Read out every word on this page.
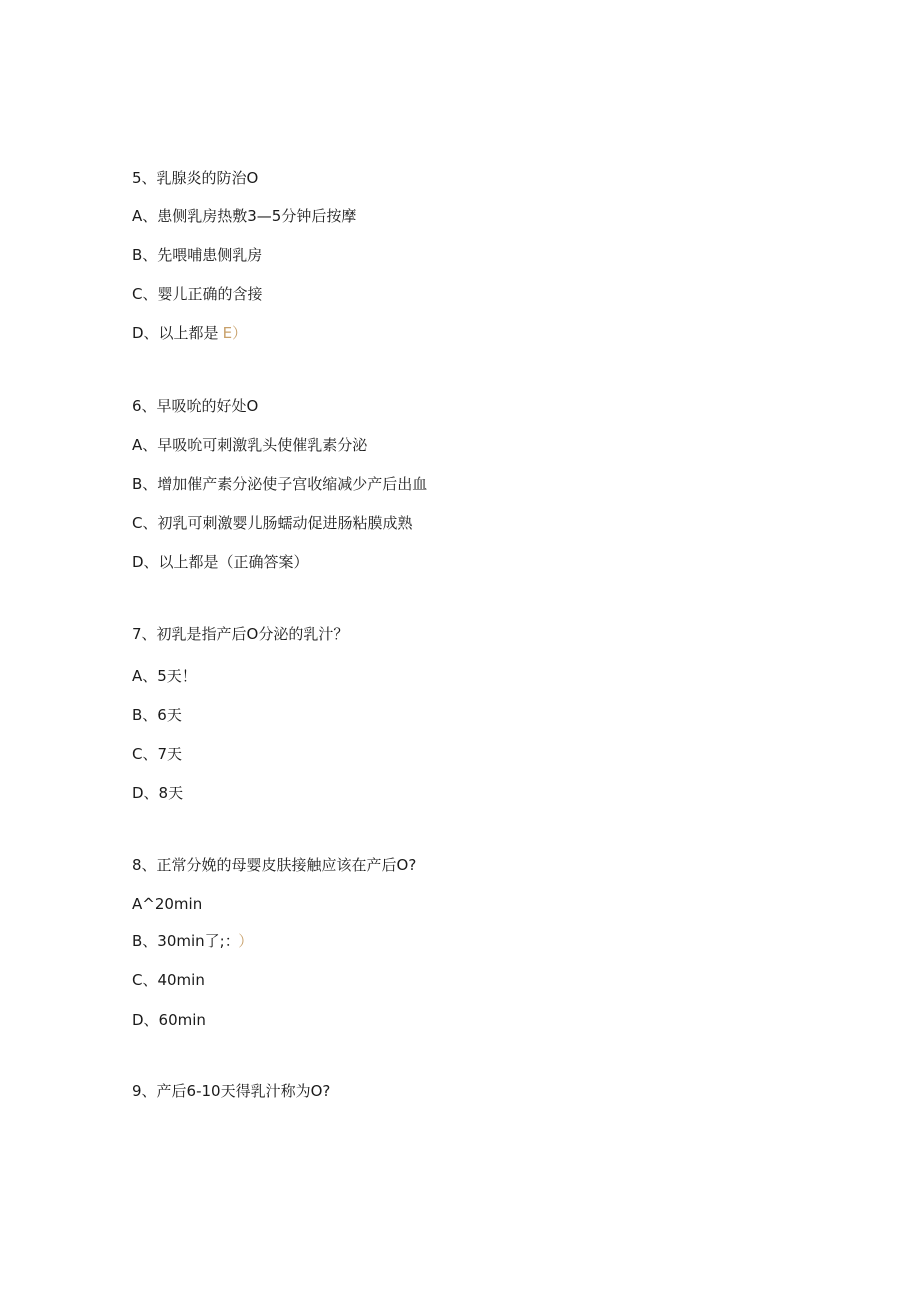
5、乳腺炎的防治O
A、患侧乳房热敷3—5分钟后按摩
B、先喂哺患侧乳房
C、婴儿正确的含接
D、以上都是 E）
6、早吸吮的好处O
A、早吸吮可刺激乳头使催乳素分泌
B、增加催产素分泌使子宫收缩减少产后出血
C、初乳可刺激婴儿肠蠕动促进肠粘膜成熟
D、以上都是（正确答案）
7、初乳是指产后O分泌的乳汁？
A、5天！
B、6天
C、7天
D、8天
8、正常分娩的母婴皮肤接触应该在产后O?
A^20min
B、30min了;： ）
C、40min
D、60min
9、产后6-10天得乳汁称为O?
